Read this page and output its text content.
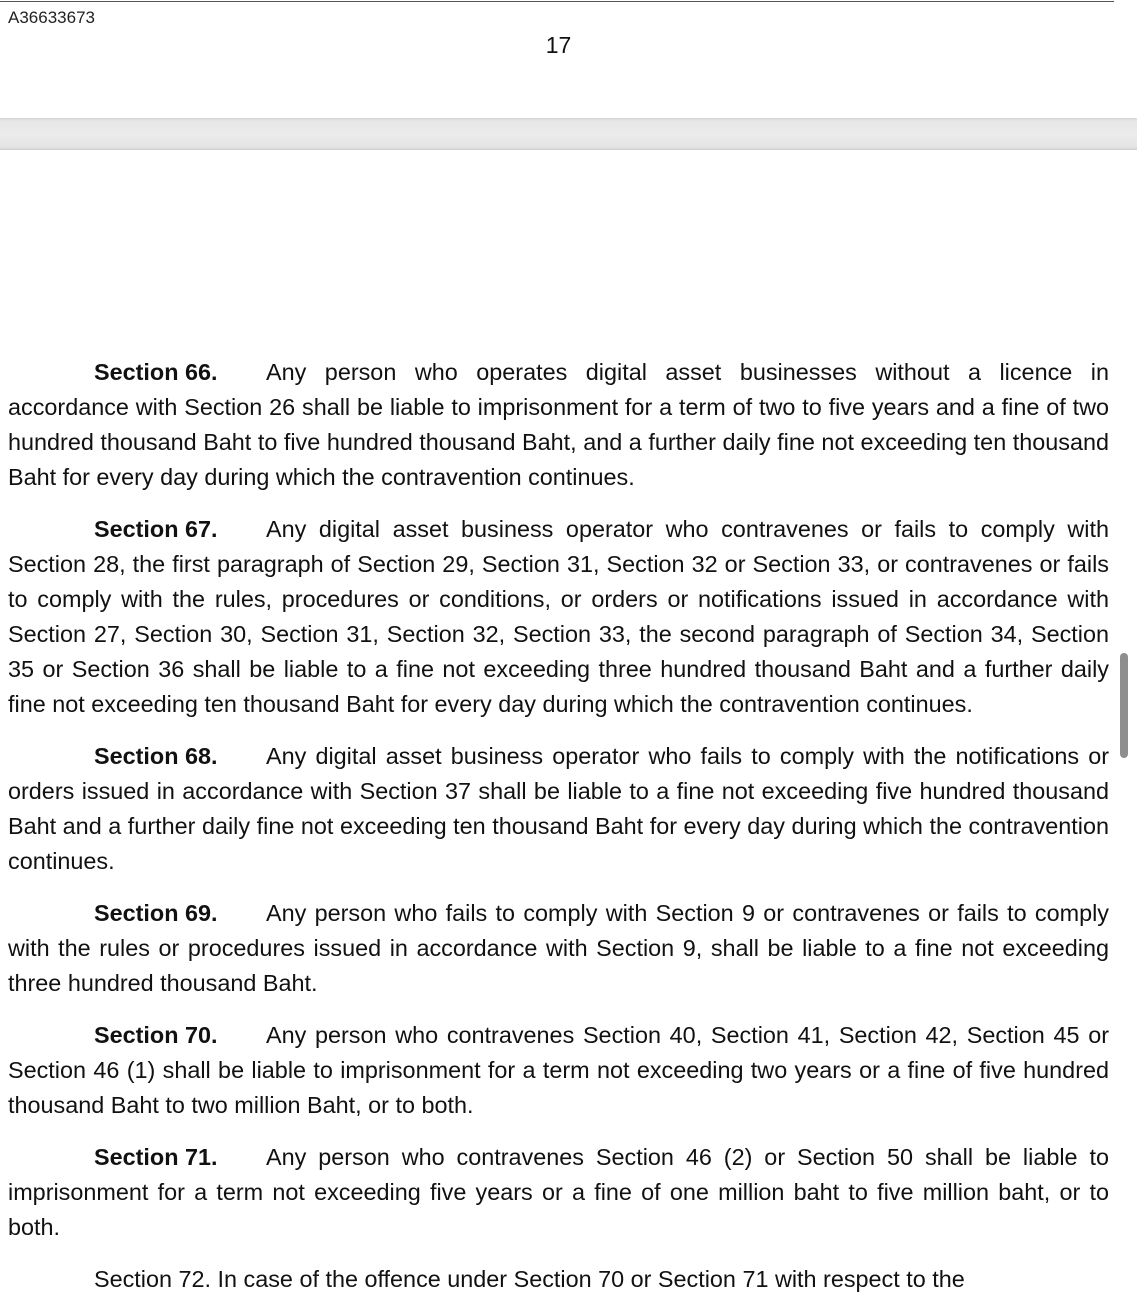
A36633673
17

Section 66. Any person who operates digital asset businesses without a licence in accordance with Section 26 shall be liable to imprisonment for a term of two to five years and a fine of two hundred thousand Baht to five hundred thousand Baht, and a further daily fine not exceeding ten thousand Baht for every day during which the contravention continues.

Section 67. Any digital asset business operator who contravenes or fails to comply with Section 28, the first paragraph of Section 29, Section 31, Section 32 or Section 33, or contravenes or fails to comply with the rules, procedures or conditions, or orders or notifications issued in accordance with Section 27, Section 30, Section 31, Section 32, Section 33, the second paragraph of Section 34, Section 35 or Section 36 shall be liable to a fine not exceeding three hundred thousand Baht and a further daily fine not exceeding ten thousand Baht for every day during which the contravention continues.

Section 68. Any digital asset business operator who fails to comply with the notifications or orders issued in accordance with Section 37 shall be liable to a fine not exceeding five hundred thousand Baht and a further daily fine not exceeding ten thousand Baht for every day during which the contravention continues.

Section 69. Any person who fails to comply with Section 9 or contravenes or fails to comply with the rules or procedures issued in accordance with Section 9, shall be liable to a fine not exceeding three hundred thousand Baht.

Section 70. Any person who contravenes Section 40, Section 41, Section 42, Section 45 or Section 46 (1) shall be liable to imprisonment for a term not exceeding two years or a fine of five hundred thousand Baht to two million Baht, or to both.

Section 71. Any person who contravenes Section 46 (2) or Section 50 shall be liable to imprisonment for a term not exceeding five years or a fine of one million baht to five million baht, or to both.

Section 72. In case of the offence under Section 70 or Section 71 with respect to the
